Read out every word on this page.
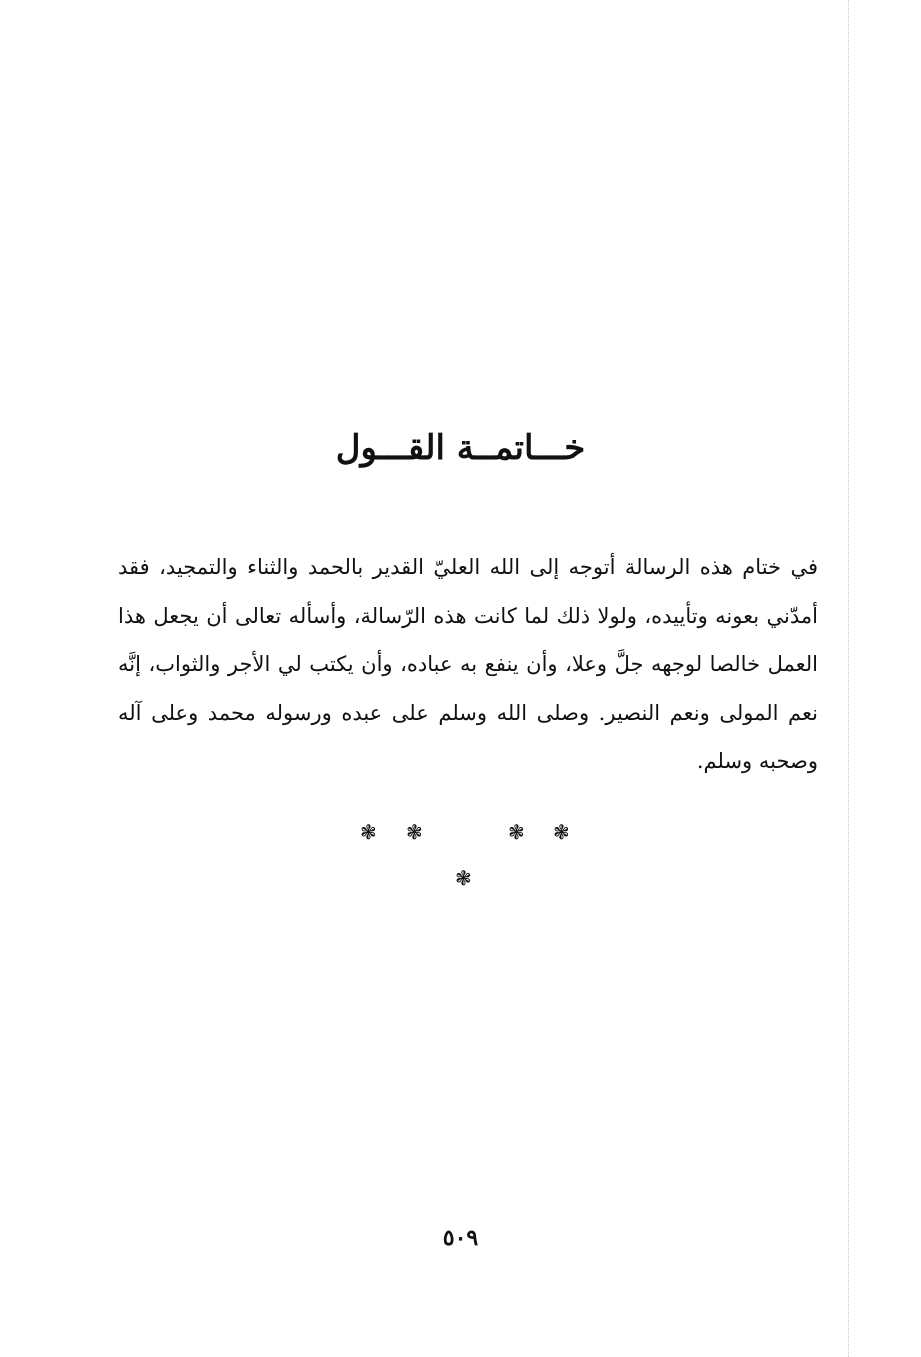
خـــاتمــة القـــول

في ختام هذه الرسالة أتوجه إلى الله العليّ القدير بالحمد والثناء والتمجيد، فقد أمدّني بعونه وتأييده، ولولا ذلك لما كانت هذه الرّسالة، وأسأله تعالى أن يجعل هذا العمل خالصا لوجهه جلَّ وعلا، وأن ينفع به عباده، وأن يكتب لي الأجر والثواب، إنَّه نعم المولى ونعم النصير. وصلى الله وسلم على عبده ورسوله محمد وعلى آله وصحبه وسلم.

❃ ❃	❃ ❃
❃
٥٠٩
